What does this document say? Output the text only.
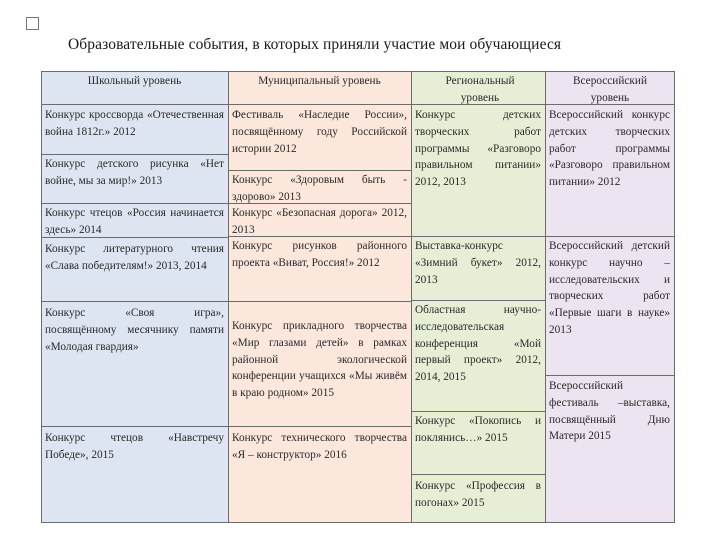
Образовательные события, в которых приняли участие мои обучающиеся
Школьный уровень	Муниципальный уровень	Региональный уровень
Всероссийский уровень
Конкурс кроссворда «Отечественная война 1812г.» 2012
Конкурс детского рисунка «Нет войне, мы за мир!» 2013
Конкурс чтецов «Россия начинается здесь» 2014
Конкурс литературного чтения «Слава победителям!» 2013, 2014
Конкурс «Своя игра», посвящённому месячнику памяти «Молодая гвардия»
Конкурс чтецов «Навстречу Победе», 2015
Фестиваль «Наследие России», посвящённому году Российской истории 2012
Конкурс «Здоровым быть - здорово» 2013
Конкурс «Безопасная дорога» 2012, 2013
Конкурс рисунков районного проекта «Виват, Россия!» 2012
Конкурс прикладного творчества «Мир глазами детей» в рамках районной экологической конференции учащихся «Мы живём в краю родном» 2015
Конкурс технического творчества «Я – конструктор» 2016
Конкурс детских творческих работ программы «Разговоро правильном питании» 2012, 2013
Выставка-конкурс «Зимний букет» 2012, 2013
Областная научно-исследовательская конференция «Мой первый проект» 2012, 2014, 2015
Конкурс «Покопись и поклянись…» 2015
Конкурс «Профессия в погонах» 2015
Всероссийский конкурс детских творческих работ программы «Разговоро правильном питании» 2012
Всероссийский детский конкурс научно – исследовательских и творческих работ «Первые шаги в науке» 2013
Всероссийский фестиваль –выставка, посвящённый Дню Матери 2015
